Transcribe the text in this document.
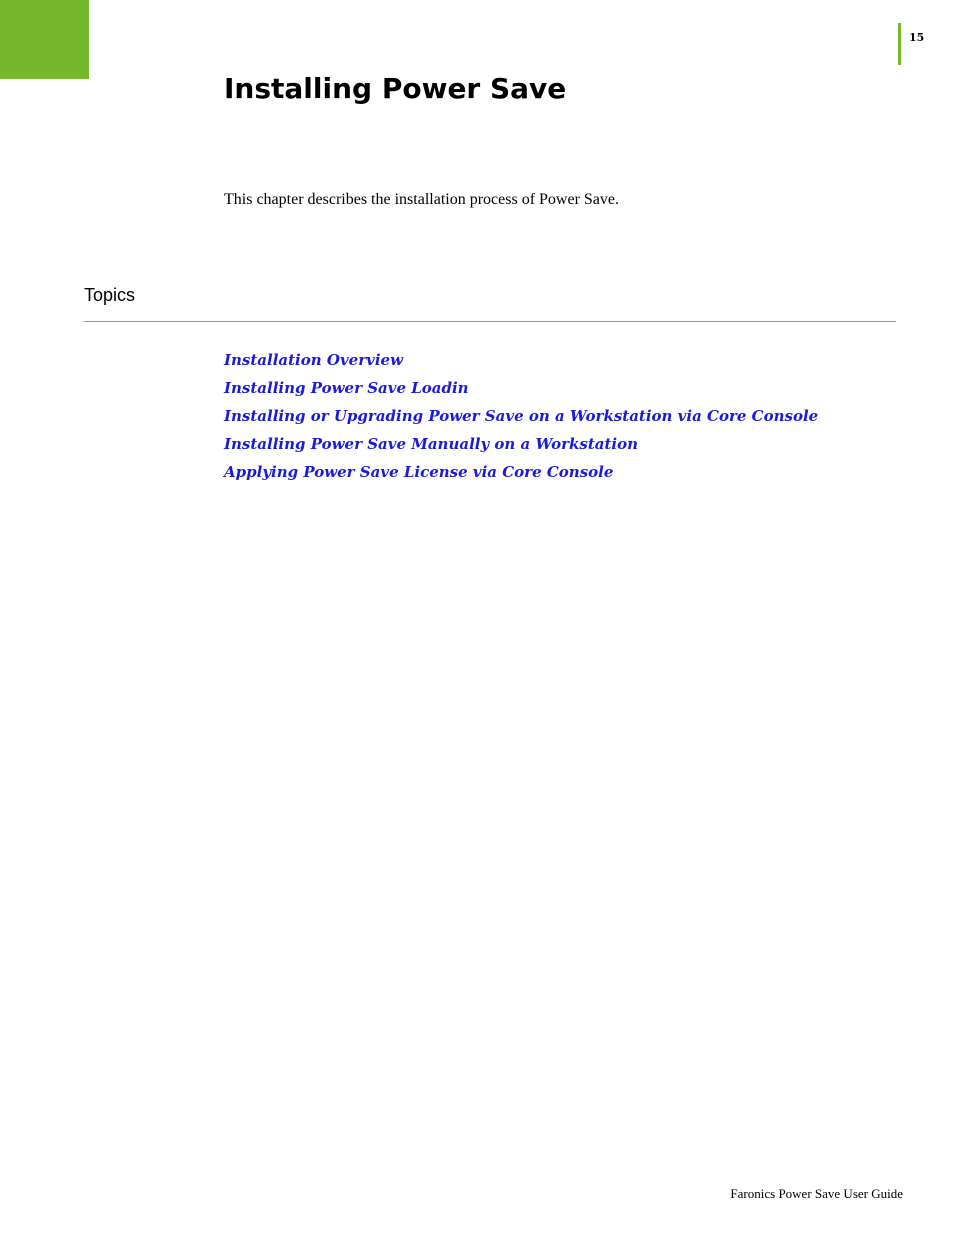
15
Installing Power Save

This chapter describes the installation process of Power Save.

Topics
Installation Overview
Installing Power Save Loadin
Installing or Upgrading Power Save on a Workstation via Core Console
Installing Power Save Manually on a Workstation
Applying Power Save License via Core Console
Faronics Power Save User Guide
